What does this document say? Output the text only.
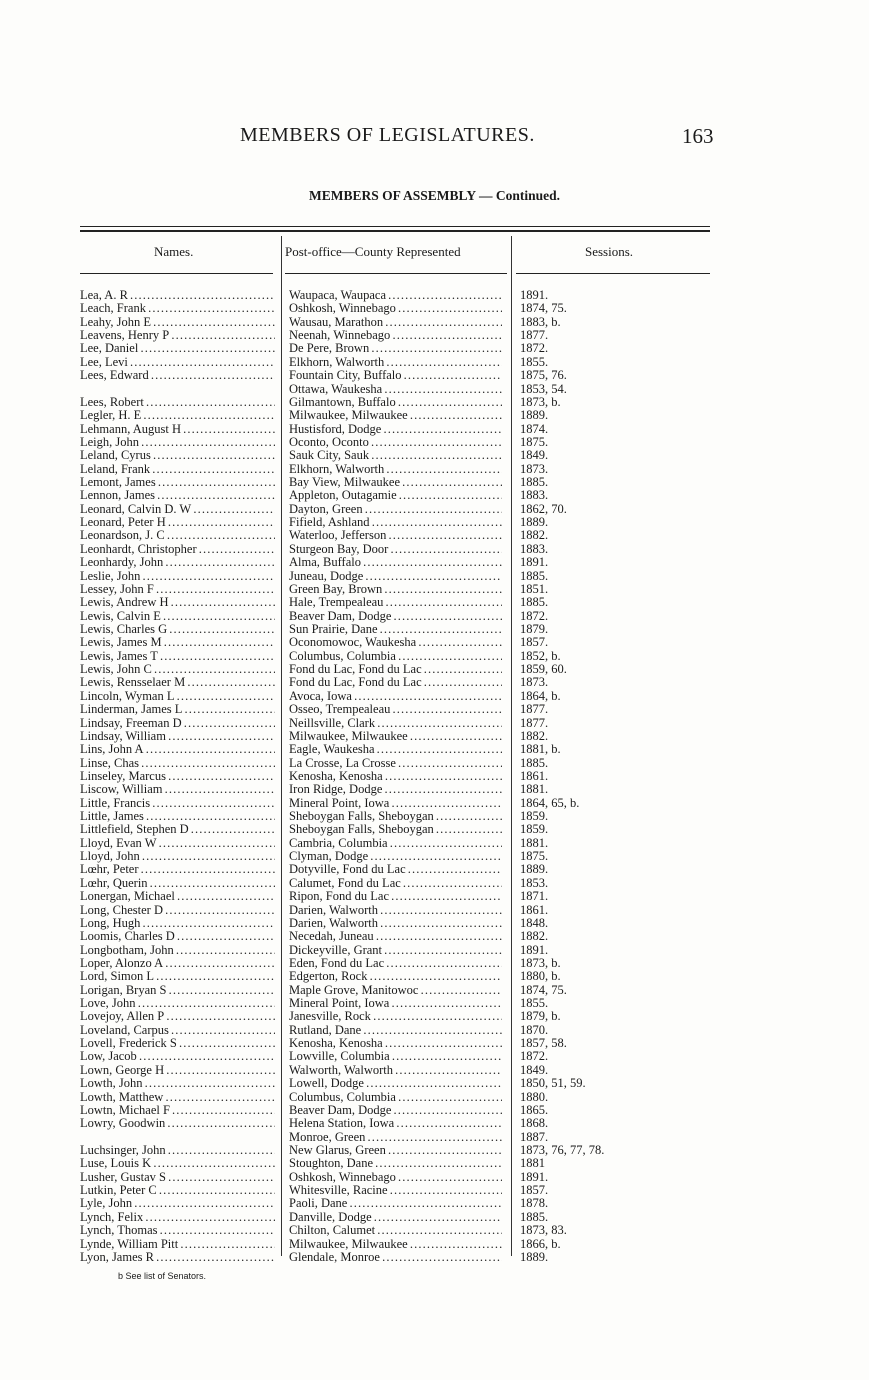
MEMBERS OF LEGISLATURES.	163
MEMBERS OF ASSEMBLY — Continued.
Names.	Post-office—County Represented	Sessions.
Lea, A. R . . .	Waupaca, Waupaca . . .	1891.
Leach, Frank . . .	Oshkosh, Winnebago . . .	1874, 75.
Leahy, John E . . .	Wausau, Marathon . . .	1883, b.
Leavens, Henry P . . .	Neenah, Winnebago . . .	1877.
Lee, Daniel . . .	De Pere, Brown . . .	1872.
Lee, Levi . . .	Elkhorn, Walworth . . .	1855.
Lees, Edward . . .	Fountain City, Buffalo . . .	1875, 76.
Ottawa, Waukesha . . .	1853, 54.
Lees, Robert . . .	Gilmantown, Buffalo . . .	1873, b.
Legler, H. E . . .	Milwaukee, Milwaukee . . .	1889.
Lehmann, August H . . .	Hustisford, Dodge . . .	1874.
Leigh, John . . .	Oconto, Oconto . . .	1875.
Leland, Cyrus . . .	Sauk City, Sauk . . .	1849.
Leland, Frank . . .	Elkhorn, Walworth . . .	1873.
Lemont, James . . .	Bay View, Milwaukee . . .	1885.
Lennon, James . . .	Appleton, Outagamie . . .	1883.
Leonard, Calvin D. W . . .	Dayton, Green . . .	1862, 70.
Leonard, Peter H . . .	Fifield, Ashland . . .	1889.
Leonardson, J. C . . .	Waterloo, Jefferson . . .	1882.
Leonhardt, Christopher . . .	Sturgeon Bay, Door . . .	1883.
Leonhardy, John . . .	Alma, Buffalo . . .	1891.
Leslie, John . . .	Juneau, Dodge . . .	1885.
Lessey, John F . . .	Green Bay, Brown . . .	1851.
Lewis, Andrew H . . .	Hale, Trempealeau . . .	1885.
Lewis, Calvin E . . .	Beaver Dam, Dodge . . .	1872.
Lewis, Charles G . . .	Sun Prairie, Dane . . .	1879.
Lewis, James M . . .	Oconomowoc, Waukesha . . .	1857.
Lewis, James T . . .	Columbus, Columbia . . .	1852, b.
Lewis, John C . . .	Fond du Lac, Fond du Lac . . .	1859, 60.
Lewis, Rensselaer M . . .	Fond du Lac, Fond du Lac . . .	1873.
Lincoln, Wyman L . . .	Avoca, Iowa . . .	1864, b.
Linderman, James L . . .	Osseo, Trempealeau . . .	1877.
Lindsay, Freeman D . . .	Neillsville, Clark . . .	1877.
Lindsay, William . . .	Milwaukee, Milwaukee . . .	1882.
Lins, John A . . .	Eagle, Waukesha . . .	1881, b.
Linse, Chas . . .	La Crosse, La Crosse . . .	1885.
Linseley, Marcus . . .	Kenosha, Kenosha . . .	1861.
Liscow, William . . .	Iron Ridge, Dodge . . .	1881.
Little, Francis . . .	Mineral Point, Iowa . . .	1864, 65, b.
Little, James . . .	Sheboygan Falls, Sheboygan . . .	1859.
Littlefield, Stephen D . . .	Sheboygan Falls, Sheboygan . . .	1859.
Lloyd, Evan W . . .	Cambria, Columbia . . .	1881.
Lloyd, John . . .	Clyman, Dodge . . .	1875.
Lœhr, Peter . . .	Dotyville, Fond du Lac . . .	1889.
Lœhr, Querin . . .	Calumet, Fond du Lac . . .	1853.
Lonergan, Michael . . .	Ripon, Fond du Lac . . .	1871.
Long, Chester D . . .	Darien, Walworth . . .	1861.
Long, Hugh . . .	Darien, Walworth . . .	1848.
Loomis, Charles D . . .	Necedah, Juneau . . .	1882.
Longbotham, John . . .	Dickeyville, Grant . . .	1891.
Loper, Alonzo A . . .	Eden, Fond du Lac . . .	1873, b.
Lord, Simon L . . .	Edgerton, Rock . . .	1880, b.
Lorigan, Bryan S . . .	Maple Grove, Manitowoc . . .	1874, 75.
Love, John . . .	Mineral Point, Iowa . . .	1855.
Lovejoy, Allen P . . .	Janesville, Rock . . .	1879, b.
Loveland, Carpus . . .	Rutland, Dane . . .	1870.
Lovell, Frederick S . . .	Kenosha, Kenosha . . .	1857, 58.
Low, Jacob . . .	Lowville, Columbia . . .	1872.
Lown, George H . . .	Walworth, Walworth . . .	1849.
Lowth, John . . .	Lowell, Dodge . . .	1850, 51, 59.
Lowth, Matthew . . .	Columbus, Columbia . . .	1880.
Lowtn, Michael F . . .	Beaver Dam, Dodge . . .	1865.
Lowry, Goodwin . . .	Helena Station, Iowa . . .	1868.
Monroe, Green . . .	1887.
Luchsinger, John . . .	New Glarus, Green . . .	1873, 76, 77, 78.
Luse, Louis K . . .	Stoughton, Dane . . .	1881
Lusher, Gustav S . . .	Oshkosh, Winnebago . . .	1891.
Lutkin, Peter C . . .	Whitesville, Racine . . .	1857.
Lyle, John . . .	Paoli, Dane . . .	1878.
Lynch, Felix . . .	Danville, Dodge . . .	1885.
Lynch, Thomas . . .	Chilton, Calumet . . .	1873, 83.
Lynde, William Pitt . . .	Milwaukee, Milwaukee . . .	1866, b.
Lyon, James R . . .	Glendale, Monroe . . .	1889.
b See list of Senators.
